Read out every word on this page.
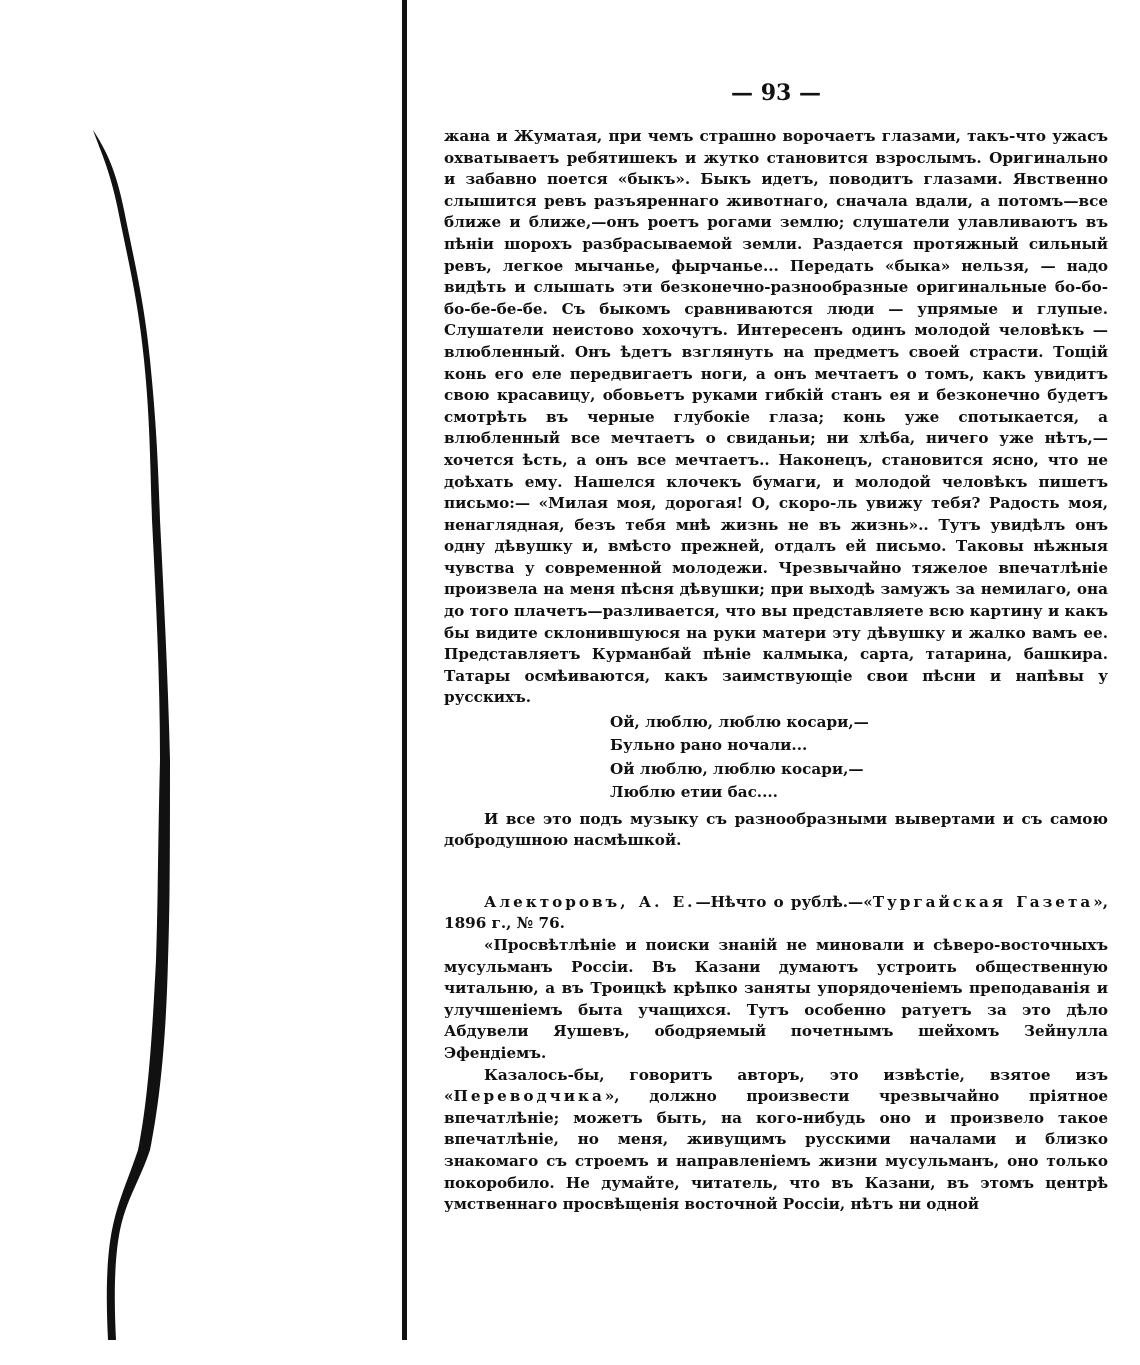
— 93 —

жана и Жуматая, при чемъ страшно ворочаетъ глазами, такъ-что ужасъ охватываетъ ребятишекъ и жутко становится взрослымъ. Оригинально и забавно поется «быкъ». Быкъ идетъ, поводитъ глазами. Явственно слышится ревъ разъяреннаго животнаго, сначала вдали, а потомъ—все ближе и ближе,—онъ роетъ рогами землю; слушатели улавливаютъ въ пѣніи шорохъ разбрасываемой земли. Раздается протяжный сильный ревъ, легкое мычанье, фырчанье... Передать «быка» нельзя, — надо видѣть и слышать эти безконечно-разнообразные оригинальные бо-бо-бо-бе-бе-бе. Съ быкомъ сравниваются люди — упрямые и глупые. Слушатели неистово хохочутъ. Интересенъ одинъ молодой человѣкъ — влюбленный. Онъ ѣдетъ взглянуть на предметъ своей страсти. Тощій конь его еле передвигаетъ ноги, а онъ мечтаетъ о томъ, какъ увидитъ свою красавицу, обовьетъ руками гибкій станъ ея и безконечно будетъ смотрѣть въ черные глубокіе глаза; конь уже спотыкается, а влюбленный все мечтаетъ о свиданьи; ни хлѣба, ничего уже нѣтъ,— хочется ѣсть, а онъ все мечтаетъ.. Наконецъ, становится ясно, что не доѣхать ему. Нашелся клочекъ бумаги, и молодой человѣкъ пишетъ письмо:— «Милая моя, дорогая! О, скоро-ль увижу тебя? Радость моя, ненаглядная, безъ тебя мнѣ жизнь не въ жизнь».. Тутъ увидѣлъ онъ одну дѣвушку и, вмѣсто прежней, отдалъ ей письмо. Таковы нѣжныя чувства у современной молодежи. Чрезвычайно тяжелое впечатлѣніе произвела на меня пѣсня дѣвушки; при выходѣ замужъ за немилаго, она до того плачетъ—разливается, что вы представляете всю картину и какъ бы видите склонившуюся на руки матери эту дѣвушку и жалко вамъ ее. Представляетъ Курманбай пѣніе калмыка, сарта, татарина, башкира. Татары осмѣиваются, какъ заимствующіе свои пѣсни и напѣвы у русскихъ.

Ой, люблю, люблю косари,—
Бульно рано ночали...
Ой люблю, люблю косари,—
Люблю етии бас....

И все это подъ музыку съ разнообразными вывертами и съ самою добродушною насмѣшкой.

Алекторовъ, А. Е.—Нѣчто о рублѣ.—«Тургайская Газета», 1896 г., № 76.

«Просвѣтлѣніе и поиски знаній не миновали и сѣверо-восточныхъ мусульманъ Россіи. Въ Казани думаютъ устроить общественную читальню, а въ Троицкѣ крѣпко заняты упорядоченіемъ преподаванія и улучшеніемъ быта учащихся. Тутъ особенно ратуетъ за это дѣло Абдувели Яушевъ, ободряемый почетнымъ шейхомъ Зейнулла Эфендіемъ.

Казалось-бы, говоритъ авторъ, это извѣстіе, взятое изъ «Переводчика», должно произвести чрезвычайно пріятное впечатлѣніе; можетъ быть, на кого-нибудь оно и произвело такое впечатлѣніе, но меня, живущимъ русскими началами и близко знакомаго съ строемъ и направленіемъ жизни мусульманъ, оно только покоробило. Не думайте, читатель, что въ Казани, въ этомъ центрѣ умственнаго просвѣщенія восточной Россіи, нѣтъ ни одной
